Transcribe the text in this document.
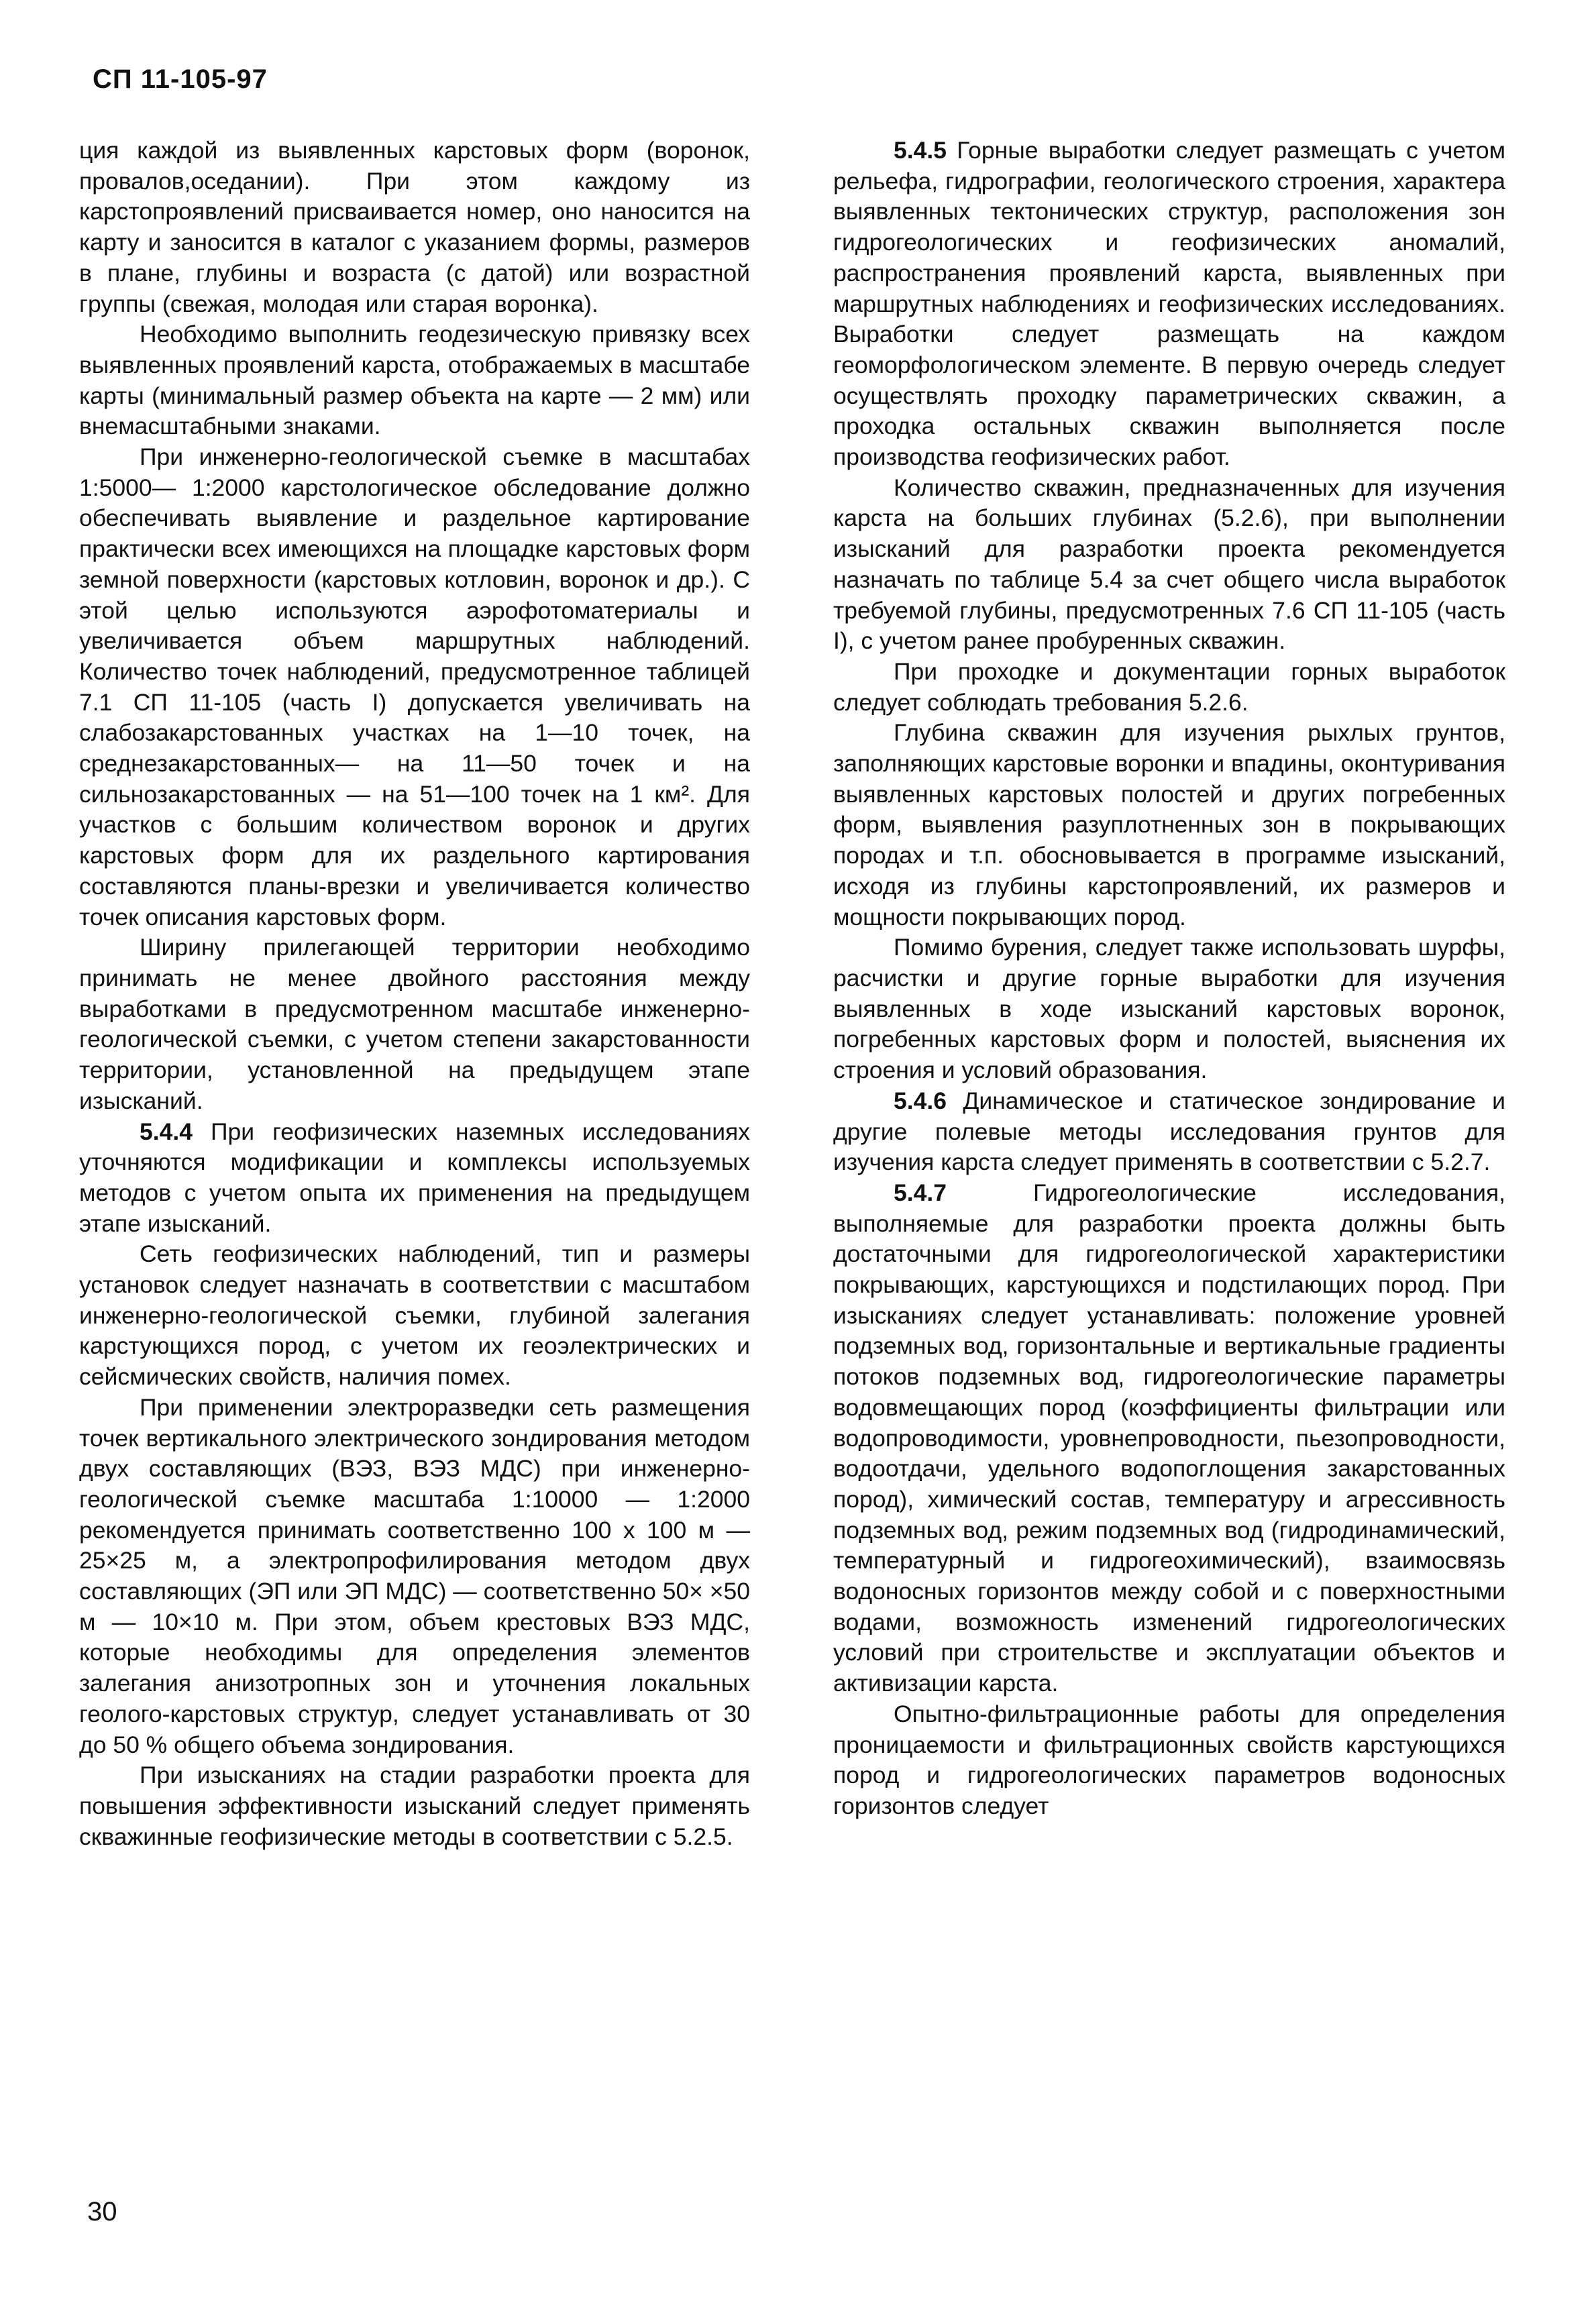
СП 11-105-97

ция каждой из выявленных карстовых форм (воронок, провалов,оседании). При этом каждому из карстопроявлений присваивается номер, оно наносится на карту и заносится в каталог с указанием формы, размеров в плане, глубины и возраста (с датой) или возрастной группы (свежая, молодая или старая воронка).

Необходимо выполнить геодезическую привязку всех выявленных проявлений карста, отображаемых в масштабе карты (минимальный размер объекта на карте — 2 мм) или внемасштабными знаками.

При инженерно-геологической съемке в масштабах 1:5000— 1:2000 карстологическое обследование должно обеспечивать выявление и раздельное картирование практически всех имеющихся на площадке карстовых форм земной поверхности (карстовых котловин, воронок и др.). С этой целью используются аэрофотоматериалы и увеличивается объем маршрутных наблюдений. Количество точек наблюдений, предусмотренное таблицей 7.1 СП 11-105 (часть I) допускается увеличивать на слабозакарстованных участках на 1—10 точек, на среднезакарстованных— на 11—50 точек и на сильнозакарстованных — на 51—100 точек на 1 км². Для участков с большим количеством воронок и других карстовых форм для их раздельного картирования составляются планы-врезки и увеличивается количество точек описания карстовых форм.

Ширину прилегающей территории необходимо принимать не менее двойного расстояния между выработками в предусмотренном масштабе инженерно-геологической съемки, с учетом степени закарстованности территории, установленной на предыдущем этапе изысканий.

5.4.4 При геофизических наземных исследованиях уточняются модификации и комплексы используемых методов с учетом опыта их применения на предыдущем этапе изысканий.

Сеть геофизических наблюдений, тип и размеры установок следует назначать в соответствии с масштабом инженерно-геологической съемки, глубиной залегания карстующихся пород, с учетом их геоэлектрических и сейсмических свойств, наличия помех.

При применении электроразведки сеть размещения точек вертикального электрического зондирования методом двух составляющих (ВЭЗ, ВЭЗ МДС) при инженерно-геологической съемке масштаба 1:10000 — 1:2000 рекомендуется принимать соответственно 100 х 100 м —25×25 м, а электропрофилирования методом двух составляющих (ЭП или ЭП МДС) — соответственно 50× ×50 м — 10×10 м. При этом, объем крестовых ВЭЗ МДС, которые необходимы для определения элементов залегания анизотропных зон и уточнения локальных геолого-карстовых структур, следует устанавливать от 30 до 50 % общего объема зондирования.

При изысканиях на стадии разработки проекта для повышения эффективности изысканий следует применять скважинные геофизические методы в соответствии с 5.2.5.

5.4.5 Горные выработки следует размещать с учетом рельефа, гидрографии, геологического строения, характера выявленных тектонических структур, расположения зон гидрогеологических и геофизических аномалий, распространения проявлений карста, выявленных при маршрутных наблюдениях и геофизических исследованиях. Выработки следует размещать на каждом геоморфологическом элементе. В первую очередь следует осуществлять проходку параметрических скважин, а проходка остальных скважин выполняется после производства геофизических работ.

Количество скважин, предназначенных для изучения карста на больших глубинах (5.2.6), при выполнении изысканий для разработки проекта рекомендуется назначать по таблице 5.4 за счет общего числа выработок требуемой глубины, предусмотренных 7.6 СП 11-105 (часть I), с учетом ранее пробуренных скважин.

При проходке и документации горных выработок следует соблюдать требования 5.2.6.

Глубина скважин для изучения рыхлых грунтов, заполняющих карстовые воронки и впадины, оконтуривания выявленных карстовых полостей и других погребенных форм, выявления разуплотненных зон в покрывающих породах и т.п. обосновывается в программе изысканий, исходя из глубины карстопроявлений, их размеров и мощности покрывающих пород.

Помимо бурения, следует также использовать шурфы, расчистки и другие горные выработки для изучения выявленных в ходе изысканий карстовых воронок, погребенных карстовых форм и полостей, выяснения их строения и условий образования.

5.4.6 Динамическое и статическое зондирование и другие полевые методы исследования грунтов для изучения карста следует применять в соответствии с 5.2.7.

5.4.7 Гидрогеологические исследования, выполняемые для разработки проекта должны быть достаточными для гидрогеологической характеристики покрывающих, карстующихся и подстилающих пород. При изысканиях следует устанавливать: положение уровней подземных вод, горизонтальные и вертикальные градиенты потоков подземных вод, гидрогеологические параметры водовмещающих пород (коэффициенты фильтрации или водопроводимости, уровнепроводности, пьезопроводности, водоотдачи, удельного водопоглощения закарстованных пород), химический состав, температуру и агрессивность подземных вод, режим подземных вод (гидродинамический, температурный и гидрогеохимический), взаимосвязь водоносных горизонтов между собой и с поверхностными водами, возможность изменений гидрогеологических условий при строительстве и эксплуатации объектов и активизации карста.

Опытно-фильтрационные работы для определения проницаемости и фильтрационных свойств карстующихся пород и гидрогеологических параметров водоносных горизонтов следует

30
